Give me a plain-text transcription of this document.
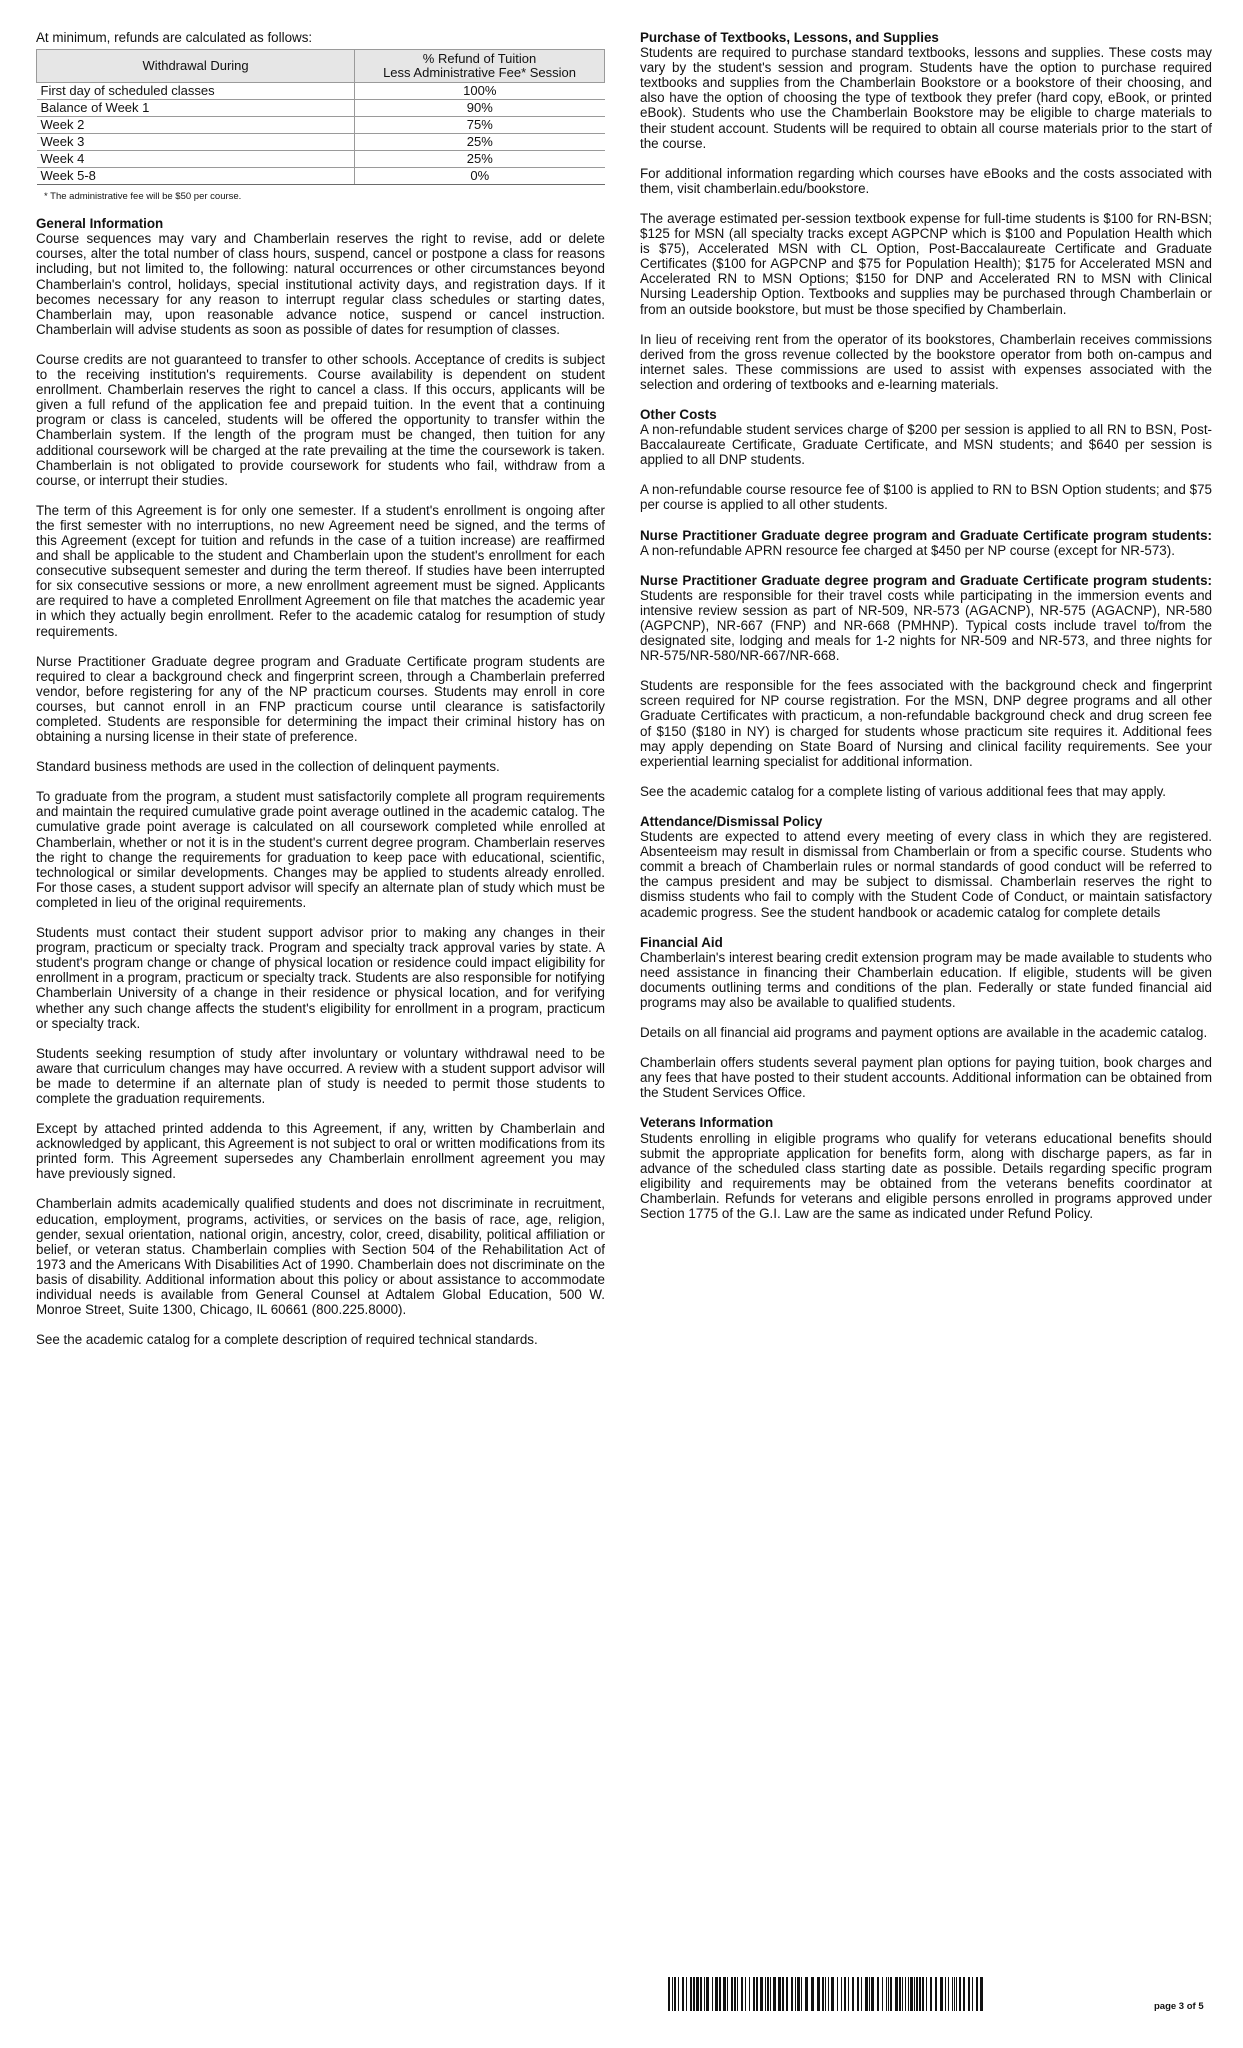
At minimum, refunds are calculated as follows:
Withdrawal During	% Refund of Tuition
Less Administrative Fee* Session
First day of scheduled classes	100%
Balance of Week 1	90%
Week 2	75%
Week 3	25%
Week 4	25%
Week 5-8	0%
* The administrative fee will be $50 per course.
General Information

Course sequences may vary and Chamberlain reserves the right to revise, add or delete courses, alter the total number of class hours, suspend, cancel or postpone a class for reasons including, but not limited to, the following: natural occurrences or other circumstances beyond Chamberlain's control, holidays, special institutional activity days, and registration days. If it becomes necessary for any reason to interrupt regular class schedules or starting dates, Chamberlain may, upon reasonable advance notice, suspend or cancel instruction. Chamberlain will advise students as soon as possible of dates for resumption of classes.

Course credits are not guaranteed to transfer to other schools. Acceptance of credits is subject to the receiving institution's requirements. Course availability is dependent on student enrollment. Chamberlain reserves the right to cancel a class. If this occurs, applicants will be given a full refund of the application fee and prepaid tuition. In the event that a continuing program or class is canceled, students will be offered the opportunity to transfer within the Chamberlain system. If the length of the program must be changed, then tuition for any additional coursework will be charged at the rate prevailing at the time the coursework is taken. Chamberlain is not obligated to provide coursework for students who fail, withdraw from a course, or interrupt their studies.

The term of this Agreement is for only one semester. If a student's enrollment is ongoing after the first semester with no interruptions, no new Agreement need be signed, and the terms of this Agreement (except for tuition and refunds in the case of a tuition increase) are reaffirmed and shall be applicable to the student and Chamberlain upon the student's enrollment for each consecutive subsequent semester and during the term thereof. If studies have been interrupted for six consecutive sessions or more, a new enrollment agreement must be signed. Applicants are required to have a completed Enrollment Agreement on file that matches the academic year in which they actually begin enrollment. Refer to the academic catalog for resumption of study requirements.

Nurse Practitioner Graduate degree program and Graduate Certificate program students are required to clear a background check and fingerprint screen, through a Chamberlain preferred vendor, before registering for any of the NP practicum courses. Students may enroll in core courses, but cannot enroll in an FNP practicum course until clearance is satisfactorily completed. Students are responsible for determining the impact their criminal history has on obtaining a nursing license in their state of preference.

Standard business methods are used in the collection of delinquent payments.

To graduate from the program, a student must satisfactorily complete all program requirements and maintain the required cumulative grade point average outlined in the academic catalog. The cumulative grade point average is calculated on all coursework completed while enrolled at Chamberlain, whether or not it is in the student's current degree program. Chamberlain reserves the right to change the requirements for graduation to keep pace with educational, scientific, technological or similar developments. Changes may be applied to students already enrolled. For those cases, a student support advisor will specify an alternate plan of study which must be completed in lieu of the original requirements.

Students must contact their student support advisor prior to making any changes in their program, practicum or specialty track. Program and specialty track approval varies by state. A student's program change or change of physical location or residence could impact eligibility for enrollment in a program, practicum or specialty track. Students are also responsible for notifying Chamberlain University of a change in their residence or physical location, and for verifying whether any such change affects the student's eligibility for enrollment in a program, practicum or specialty track.

Students seeking resumption of study after involuntary or voluntary withdrawal need to be aware that curriculum changes may have occurred. A review with a student support advisor will be made to determine if an alternate plan of study is needed to permit those students to complete the graduation requirements.

Except by attached printed addenda to this Agreement, if any, written by Chamberlain and acknowledged by applicant, this Agreement is not subject to oral or written modifications from its printed form. This Agreement supersedes any Chamberlain enrollment agreement you may have previously signed.

Chamberlain admits academically qualified students and does not discriminate in recruitment, education, employment, programs, activities, or services on the basis of race, age, religion, gender, sexual orientation, national origin, ancestry, color, creed, disability, political affiliation or belief, or veteran status. Chamberlain complies with Section 504 of the Rehabilitation Act of 1973 and the Americans With Disabilities Act of 1990. Chamberlain does not discriminate on the basis of disability. Additional information about this policy or about assistance to accommodate individual needs is available from General Counsel at Adtalem Global Education, 500 W. Monroe Street, Suite 1300, Chicago, IL 60661 (800.225.8000).

See the academic catalog for a complete description of required technical standards.

Purchase of Textbooks, Lessons, and Supplies

Students are required to purchase standard textbooks, lessons and supplies. These costs may vary by the student's session and program. Students have the option to purchase required textbooks and supplies from the Chamberlain Bookstore or a bookstore of their choosing, and also have the option of choosing the type of textbook they prefer (hard copy, eBook, or printed eBook). Students who use the Chamberlain Bookstore may be eligible to charge materials to their student account. Students will be required to obtain all course materials prior to the start of the course.

For additional information regarding which courses have eBooks and the costs associated with them, visit chamberlain.edu/bookstore.

The average estimated per-session textbook expense for full-time students is $100 for RN-BSN; $125 for MSN (all specialty tracks except AGPCNP which is $100 and Population Health which is $75), Accelerated MSN with CL Option, Post-Baccalaureate Certificate and Graduate Certificates ($100 for AGPCNP and $75 for Population Health); $175 for Accelerated MSN and Accelerated RN to MSN Options; $150 for DNP and Accelerated RN to MSN with Clinical Nursing Leadership Option. Textbooks and supplies may be purchased through Chamberlain or from an outside bookstore, but must be those specified by Chamberlain.

In lieu of receiving rent from the operator of its bookstores, Chamberlain receives commissions derived from the gross revenue collected by the bookstore operator from both on-campus and internet sales. These commissions are used to assist with expenses associated with the selection and ordering of textbooks and e-learning materials.

Other Costs

A non-refundable student services charge of $200 per session is applied to all RN to BSN, Post-Baccalaureate Certificate, Graduate Certificate, and MSN students; and $640 per session is applied to all DNP students.

A non-refundable course resource fee of $100 is applied to RN to BSN Option students; and $75 per course is applied to all other students.

Nurse Practitioner Graduate degree program and Graduate Certificate program students: A non-refundable APRN resource fee charged at $450 per NP course (except for NR-573).

Nurse Practitioner Graduate degree program and Graduate Certificate program students: Students are responsible for their travel costs while participating in the immersion events and intensive review session as part of NR-509, NR-573 (AGACNP), NR-575 (AGACNP), NR-580 (AGPCNP), NR-667 (FNP) and NR-668 (PMHNP). Typical costs include travel to/from the designated site, lodging and meals for 1-2 nights for NR-509 and NR-573, and three nights for NR-575/NR-580/NR-667/NR-668.

Students are responsible for the fees associated with the background check and fingerprint screen required for NP course registration. For the MSN, DNP degree programs and all other Graduate Certificates with practicum, a non-refundable background check and drug screen fee of $150 ($180 in NY) is charged for students whose practicum site requires it. Additional fees may apply depending on State Board of Nursing and clinical facility requirements. See your experiential learning specialist for additional information.

See the academic catalog for a complete listing of various additional fees that may apply.

Attendance/Dismissal Policy

Students are expected to attend every meeting of every class in which they are registered. Absenteeism may result in dismissal from Chamberlain or from a specific course. Students who commit a breach of Chamberlain rules or normal standards of good conduct will be referred to the campus president and may be subject to dismissal. Chamberlain reserves the right to dismiss students who fail to comply with the Student Code of Conduct, or maintain satisfactory academic progress. See the student handbook or academic catalog for complete details

Financial Aid

Chamberlain's interest bearing credit extension program may be made available to students who need assistance in financing their Chamberlain education. If eligible, students will be given documents outlining terms and conditions of the plan. Federally or state funded financial aid programs may also be available to qualified students.

Details on all financial aid programs and payment options are available in the academic catalog.

Chamberlain offers students several payment plan options for paying tuition, book charges and any fees that have posted to their student accounts. Additional information can be obtained from the Student Services Office.

Veterans Information

Students enrolling in eligible programs who qualify for veterans educational benefits should submit the appropriate application for benefits form, along with discharge papers, as far in advance of the scheduled class starting date as possible. Details regarding specific program eligibility and requirements may be obtained from the veterans benefits coordinator at Chamberlain. Refunds for veterans and eligible persons enrolled in programs approved under Section 1775 of the G.I. Law are the same as indicated under Refund Policy.

page 3 of 5
